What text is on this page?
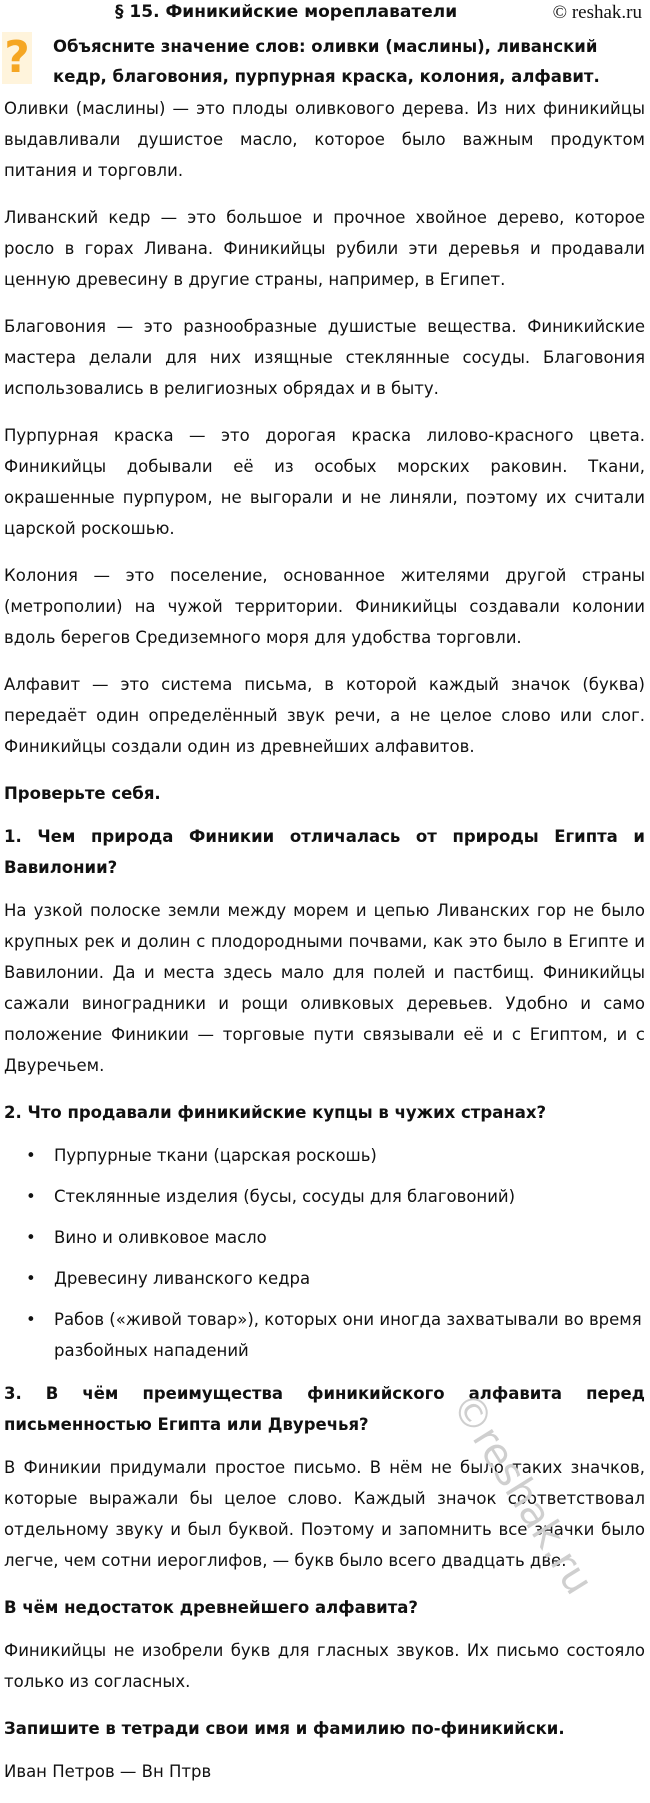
§ 15. Финикийские мореплаватели	© reshak.ru
? Объясните значение слов: оливки (маслины), ливанский кедр, благовония, пурпурная краска, колония, алфавит.

Оливки (маслины) — это плоды оливкового дерева. Из них финикийцы выдавливали душистое масло, которое было важным продуктом питания и торговли.

Ливанский кедр — это большое и прочное хвойное дерево, которое росло в горах Ливана. Финикийцы рубили эти деревья и продавали ценную древесину в другие страны, например, в Египет.

Благовония — это разнообразные душистые вещества. Финикийские мастера делали для них изящные стеклянные сосуды. Благовония использовались в религиозных обрядах и в быту.

Пурпурная краска — это дорогая краска лилово-красного цвета. Финикийцы добывали её из особых морских раковин. Ткани, окрашенные пурпуром, не выгорали и не линяли, поэтому их считали царской роскошью.

Колония — это поселение, основанное жителями другой страны (метрополии) на чужой территории. Финикийцы создавали колонии вдоль берегов Средиземного моря для удобства торговли.

Алфавит — это система письма, в которой каждый значок (буква) передаёт один определённый звук речи, а не целое слово или слог. Финикийцы создали один из древнейших алфавитов.

Проверьте себя.
1. Чем природа Финикии отличалась от природы Египта и Вавилонии?

На узкой полоске земли между морем и цепью Ливанских гор не было крупных рек и долин с плодородными почвами, как это было в Египте и Вавилонии. Да и места здесь мало для полей и пастбищ. Финикийцы сажали виноградники и рощи оливковых деревьев. Удобно и само положение Финикии — торговые пути связывали её и с Египтом, и с Двуречьем.

2. Что продавали финикийские купцы в чужих странах?
• Пурпурные ткани (царская роскошь)
• Стеклянные изделия (бусы, сосуды для благовоний)
• Вино и оливковое масло
• Древесину ливанского кедра
• Рабов («живой товар»), которых они иногда захватывали во время разбойных нападений
3. В чём преимущества финикийского алфавита перед письменностью Египта или Двуречья?

В Финикии придумали простое письмо. В нём не было таких значков, которые выражали бы целое слово. Каждый значок соответствовал отдельному звуку и был буквой. Поэтому и запомнить все значки было легче, чем сотни иероглифов, — букв было всего двадцать две.

В чём недостаток древнейшего алфавита?

Финикийцы не изобрели букв для гласных звуков. Их письмо состояло только из согласных.

Запишите в тетради свои имя и фамилию по-финикийски.

Иван Петров — Вн Птрв

©reshak.ru
